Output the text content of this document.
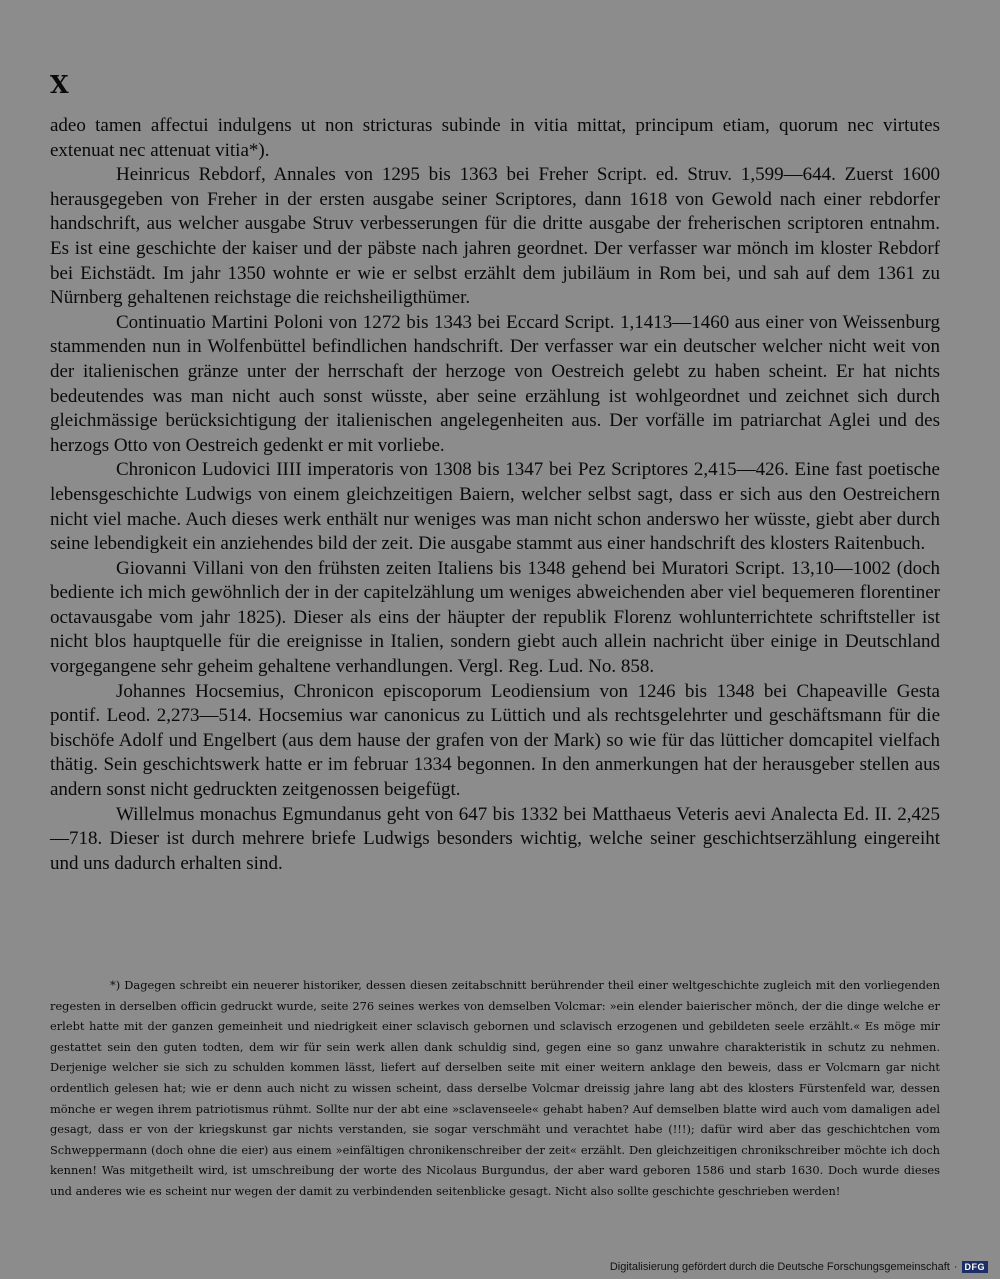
X

adeo tamen affectui indulgens ut non stricturas subinde in vitia mittat, principum etiam, quorum nec virtutes extenuat nec attenuat vitia*).

Heinricus Rebdorf, Annales von 1295 bis 1363 bei Freher Script. ed. Struv. 1,599—644. Zuerst 1600 herausgegeben von Freher in der ersten ausgabe seiner Scriptores, dann 1618 von Gewold nach einer rebdorfer handschrift, aus welcher ausgabe Struv verbesserungen für die dritte ausgabe der freherischen scriptoren entnahm. Es ist eine geschichte der kaiser und der päbste nach jahren geordnet. Der verfasser war mönch im kloster Rebdorf bei Eichstädt. Im jahr 1350 wohnte er wie er selbst erzählt dem jubiläum in Rom bei, und sah auf dem 1361 zu Nürnberg gehaltenen reichstage die reichsheiligthümer.

Continuatio Martini Poloni von 1272 bis 1343 bei Eccard Script. 1,1413—1460 aus einer von Weissenburg stammenden nun in Wolfenbüttel befindlichen handschrift. Der verfasser war ein deutscher welcher nicht weit von der italienischen gränze unter der herrschaft der herzoge von Oestreich gelebt zu haben scheint. Er hat nichts bedeutendes was man nicht auch sonst wüsste, aber seine erzählung ist wohlgeordnet und zeichnet sich durch gleichmässige berücksichtigung der italienischen angelegenheiten aus. Der vorfälle im patriarchat Aglei und des herzogs Otto von Oestreich gedenkt er mit vorliebe.

Chronicon Ludovici IIII imperatoris von 1308 bis 1347 bei Pez Scriptores 2,415—426. Eine fast poetische lebensgeschichte Ludwigs von einem gleichzeitigen Baiern, welcher selbst sagt, dass er sich aus den Oestreichern nicht viel mache. Auch dieses werk enthält nur weniges was man nicht schon anderswo her wüsste, giebt aber durch seine lebendigkeit ein anziehendes bild der zeit. Die ausgabe stammt aus einer handschrift des klosters Raitenbuch.

Giovanni Villani von den frühsten zeiten Italiens bis 1348 gehend bei Muratori Script. 13,10—1002 (doch bediente ich mich gewöhnlich der in der capitelzählung um weniges abweichenden aber viel bequemeren florentiner octavausgabe vom jahr 1825). Dieser als eins der häupter der republik Florenz wohlunterrichtete schriftsteller ist nicht blos hauptquelle für die ereignisse in Italien, sondern giebt auch allein nachricht über einige in Deutschland vorgegangene sehr geheim gehaltene verhandlungen. Vergl. Reg. Lud. No. 858.

Johannes Hocsemius, Chronicon episcoporum Leodiensium von 1246 bis 1348 bei Chapeaville Gesta pontif. Leod. 2,273—514. Hocsemius war canonicus zu Lüttich und als rechtsgelehrter und geschäftsmann für die bischöfe Adolf und Engelbert (aus dem hause der grafen von der Mark) so wie für das lütticher domcapitel vielfach thätig. Sein geschichtswerk hatte er im februar 1334 begonnen. In den anmerkungen hat der herausgeber stellen aus andern sonst nicht gedruckten zeitgenossen beigefügt.

Willelmus monachus Egmundanus geht von 647 bis 1332 bei Matthaeus Veteris aevi Analecta Ed. II. 2,425—718. Dieser ist durch mehrere briefe Ludwigs besonders wichtig, welche seiner geschichtserzählung eingereiht und uns dadurch erhalten sind.

*) Dagegen schreibt ein neuerer historiker, dessen diesen zeitabschnitt berührender theil einer weltgeschichte zugleich mit den vorliegenden regesten in derselben officin gedruckt wurde, seite 276 seines werkes von demselben Volcmar: »ein elender baierischer mönch, der die dinge welche er erlebt hatte mit der ganzen gemeinheit und niedrigkeit einer sclavisch gebornen und sclavisch erzogenen und gebildeten seele erzählt.« Es möge mir gestattet sein den guten todten, dem wir für sein werk allen dank schuldig sind, gegen eine so ganz unwahre charakteristik in schutz zu nehmen. Derjenige welcher sie sich zu schulden kommen lässt, liefert auf derselben seite mit einer weitern anklage den beweis, dass er Volcmarn gar nicht ordentlich gelesen hat; wie er denn auch nicht zu wissen scheint, dass derselbe Volcmar dreissig jahre lang abt des klosters Fürstenfeld war, dessen mönche er wegen ihrem patriotismus rühmt. Sollte nur der abt eine »sclavenseele« gehabt haben? Auf demselben blatte wird auch vom damaligen adel gesagt, dass er von der kriegskunst gar nichts verstanden, sie sogar verschmäht und verachtet habe (!!!); dafür wird aber das geschichtchen vom Schweppermann (doch ohne die eier) aus einem »einfältigen chronikenschreiber der zeit« erzählt. Den gleichzeitigen chronikschreiber möchte ich doch kennen! Was mitgetheilt wird, ist umschreibung der worte des Nicolaus Burgundus, der aber ward geboren 1586 und starb 1630. Doch wurde dieses und anderes wie es scheint nur wegen der damit zu verbindenden seitenblicke gesagt. Nicht also sollte geschichte geschrieben werden!

Digitalisierung gefördert durch die Deutsche Forschungsgemeinschaft · DFG
